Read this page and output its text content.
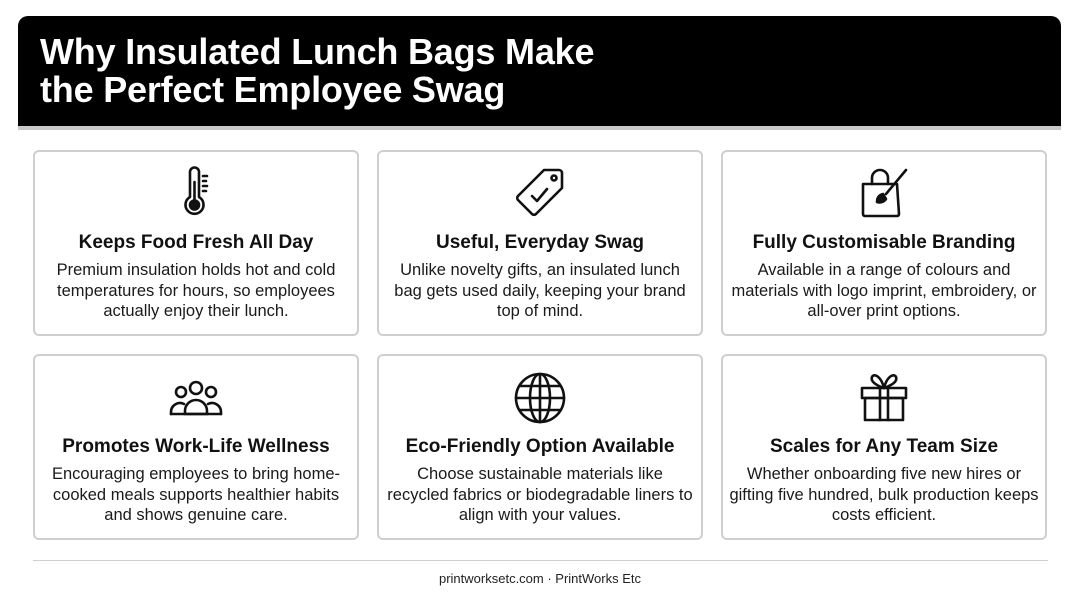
Why Insulated Lunch Bags Make
the Perfect Employee Swag
Keeps Food Fresh All Day

Premium insulation holds hot and cold temperatures for hours, so employees actually enjoy their lunch.

Useful, Everyday Swag

Unlike novelty gifts, an insulated lunch bag gets used daily, keeping your brand top of mind.

Fully Customisable Branding

Available in a range of colours and materials with logo imprint, embroidery, or all-over print options.

Promotes Work-Life Wellness

Encouraging employees to bring home-cooked meals supports healthier habits and shows genuine care.

Eco-Friendly Option Available

Choose sustainable materials like recycled fabrics or biodegradable liners to align with your values.

Scales for Any Team Size

Whether onboarding five new hires or gifting five hundred, bulk production keeps costs efficient.

printworksetc.com · PrintWorks Etc
